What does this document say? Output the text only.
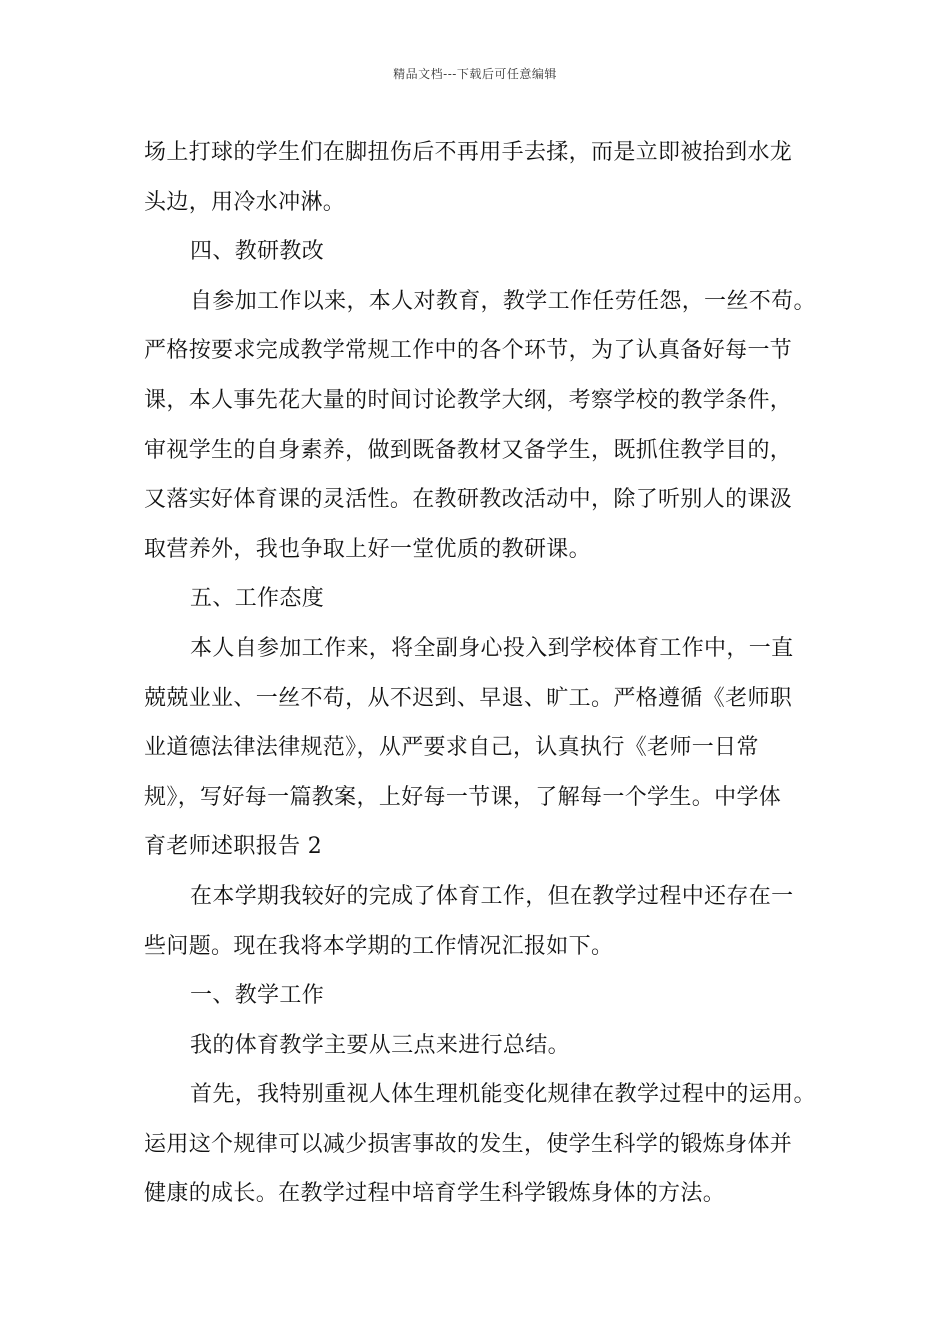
精品文档---下载后可任意编辑
场上打球的学生们在脚扭伤后不再用手去揉，而是立即被抬到水龙
头边，用冷水冲淋。
四、教研教改
自参加工作以来，本人对教育，教学工作任劳任怨，一丝不苟。
严格按要求完成教学常规工作中的各个环节，为了认真备好每一节
课，本人事先花大量的时间讨论教学大纲，考察学校的教学条件，
审视学生的自身素养，做到既备教材又备学生，既抓住教学目的，
又落实好体育课的灵活性。在教研教改活动中，除了听别人的课汲
取营养外，我也争取上好一堂优质的教研课。
五、工作态度
本人自参加工作来，将全副身心投入到学校体育工作中，一直
兢兢业业、一丝不苟，从不迟到、早退、旷工。严格遵循《老师职
业道德法律法律规范》，从严要求自己，认真执行《老师一日常
规》，写好每一篇教案，上好每一节课，了解每一个学生。中学体
育老师述职报告 2
在本学期我较好的完成了体育工作，但在教学过程中还存在一
些问题。现在我将本学期的工作情况汇报如下。
一、教学工作
我的体育教学主要从三点来进行总结。
首先，我特别重视人体生理机能变化规律在教学过程中的运用。
运用这个规律可以减少损害事故的发生，使学生科学的锻炼身体并
健康的成长。在教学过程中培育学生科学锻炼身体的方法。
